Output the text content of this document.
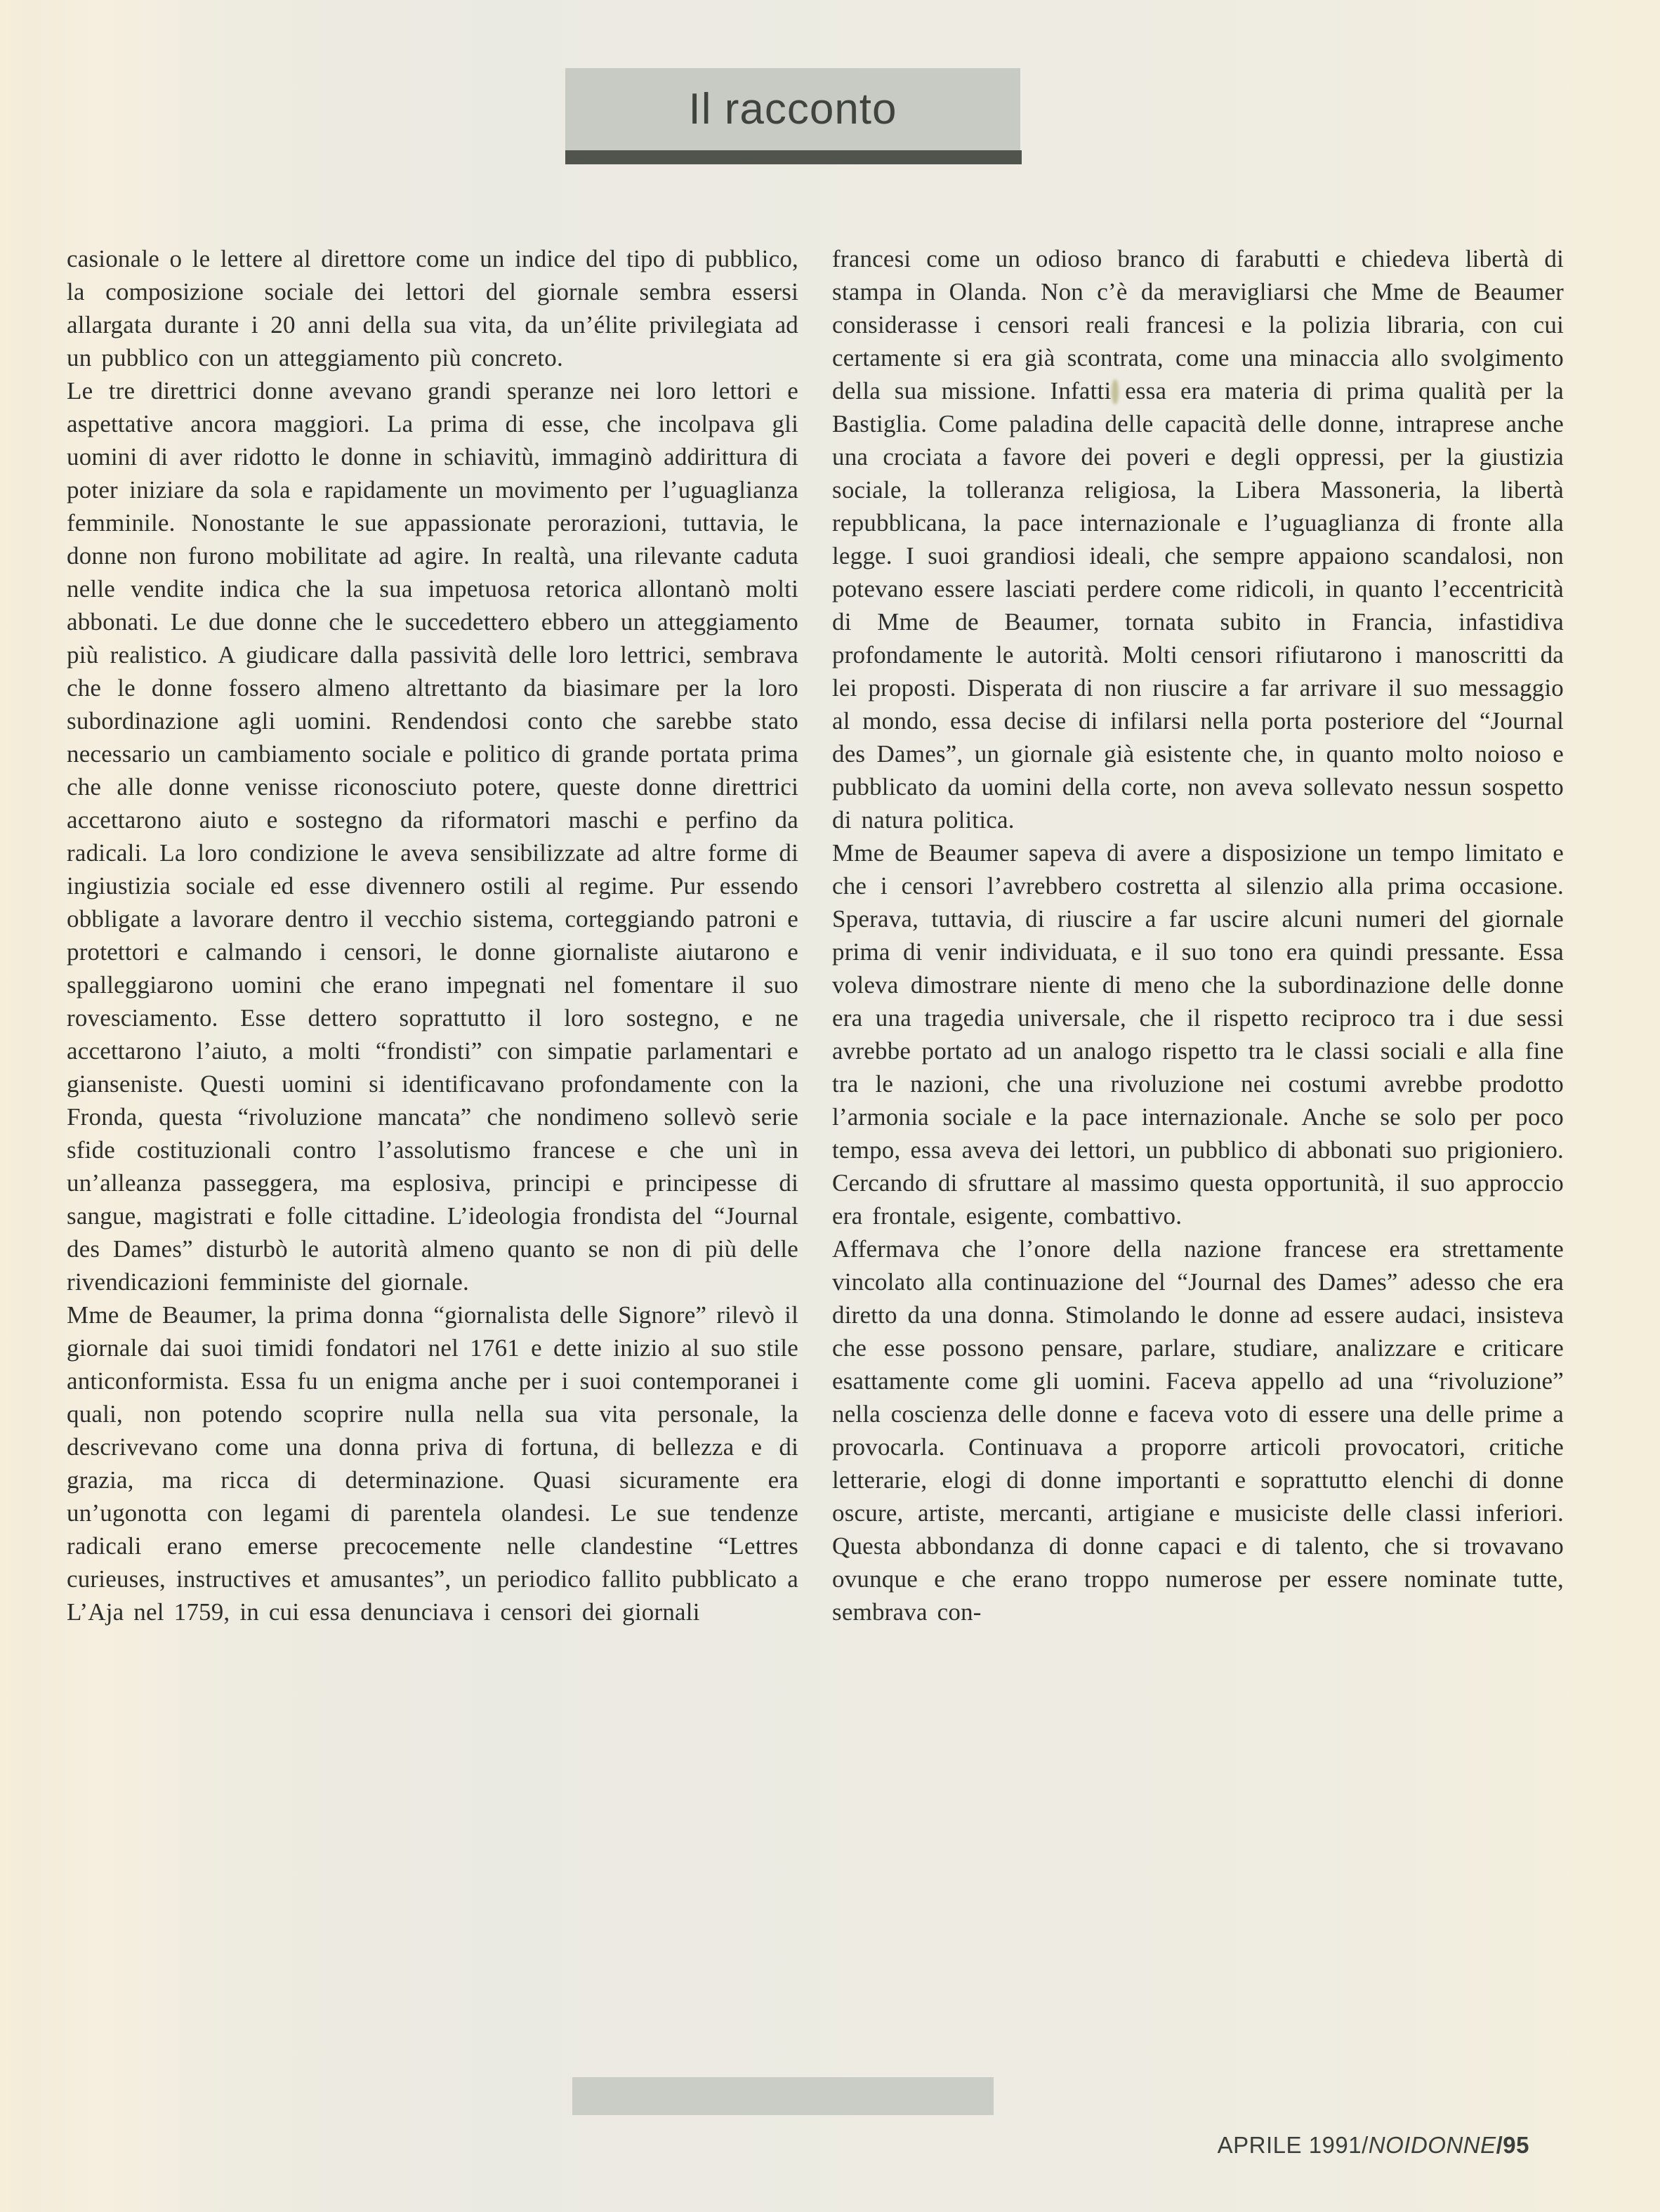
Il racconto

casionale o le lettere al direttore come un indice del tipo di pubblico, la composizione sociale dei lettori del giornale sembra essersi allargata durante i 20 anni della sua vita, da un’élite privilegiata ad un pubblico con un atteggiamento più concreto.

Le tre direttrici donne avevano grandi speranze nei loro lettori e aspettative ancora maggiori. La prima di esse, che incolpava gli uomini di aver ridotto le donne in schiavitù, immaginò addirittura di poter iniziare da sola e rapidamente un movimento per l’uguaglianza femminile. Nonostante le sue appassionate perorazioni, tuttavia, le donne non furono mobilitate ad agire. In realtà, una rilevante caduta nelle vendite indica che la sua impetuosa retorica allontanò molti abbonati. Le due donne che le succedettero ebbero un atteggiamento più realistico. A giudicare dalla passività delle loro lettrici, sembrava che le donne fossero almeno altrettanto da biasimare per la loro subordinazione agli uomini. Rendendosi conto che sarebbe stato necessario un cambiamento sociale e politico di grande portata prima che alle donne venisse riconosciuto potere, queste donne direttrici accettarono aiuto e sostegno da riformatori maschi e perfino da radicali. La loro condizione le aveva sensibilizzate ad altre forme di ingiustizia sociale ed esse divennero ostili al regime. Pur essendo obbligate a lavorare dentro il vecchio sistema, corteggiando patroni e protettori e calmando i censori, le donne giornaliste aiutarono e spalleggiarono uomini che erano impegnati nel fomentare il suo rovesciamento. Esse dettero soprattutto il loro sostegno, e ne accettarono l’aiuto, a molti “frondisti” con simpatie parlamentari e gianseniste. Questi uomini si identificavano profondamente con la Fronda, questa “rivoluzione mancata” che nondimeno sollevò serie sfide costituzionali contro l’assolutismo francese e che unì in un’alleanza passeggera, ma esplosiva, principi e principesse di sangue, magistrati e folle cittadine. L’ideologia frondista del “Journal des Dames” disturbò le autorità almeno quanto se non di più delle rivendicazioni femministe del giornale.

Mme de Beaumer, la prima donna “giornalista delle Signore” rilevò il giornale dai suoi timidi fondatori nel 1761 e dette inizio al suo stile anticonformista. Essa fu un enigma anche per i suoi contemporanei i quali, non potendo scoprire nulla nella sua vita personale, la descrivevano come una donna priva di fortuna, di bellezza e di grazia, ma ricca di determinazione. Quasi sicuramente era un’ugonotta con legami di parentela olandesi. Le sue tendenze radicali erano emerse precocemente nelle clandestine “Lettres curieuses, instructives et amusantes”, un periodico fallito pubblicato a L’Aja nel 1759, in cui essa denunciava i censori dei giornali

francesi come un odioso branco di farabutti e chiedeva libertà di stampa in Olanda. Non c’è da meravigliarsi che Mme de Beaumer considerasse i censori reali francesi e la polizia libraria, con cui certamente si era già scontrata, come una minaccia allo svolgimento della sua missione. Infatti essa era materia di prima qualità per la Bastiglia. Come paladina delle capacità delle donne, intraprese anche una crociata a favore dei poveri e degli oppressi, per la giustizia sociale, la tolleranza religiosa, la Libera Massoneria, la libertà repubblicana, la pace internazionale e l’uguaglianza di fronte alla legge. I suoi grandiosi ideali, che sempre appaiono scandalosi, non potevano essere lasciati perdere come ridicoli, in quanto l’eccentricità di Mme de Beaumer, tornata subito in Francia, infastidiva profondamente le autorità. Molti censori rifiutarono i manoscritti da lei proposti. Disperata di non riuscire a far arrivare il suo messaggio al mondo, essa decise di infilarsi nella porta posteriore del “Journal des Dames”, un giornale già esistente che, in quanto molto noioso e pubblicato da uomini della corte, non aveva sollevato nessun sospetto di natura politica.

Mme de Beaumer sapeva di avere a disposizione un tempo limitato e che i censori l’avrebbero costretta al silenzio alla prima occasione. Sperava, tuttavia, di riuscire a far uscire alcuni numeri del giornale prima di venir individuata, e il suo tono era quindi pressante. Essa voleva dimostrare niente di meno che la subordinazione delle donne era una tragedia universale, che il rispetto reciproco tra i due sessi avrebbe portato ad un analogo rispetto tra le classi sociali e alla fine tra le nazioni, che una rivoluzione nei costumi avrebbe prodotto l’armonia sociale e la pace internazionale. Anche se solo per poco tempo, essa aveva dei lettori, un pubblico di abbonati suo prigioniero. Cercando di sfruttare al massimo questa opportunità, il suo approccio era frontale, esigente, combattivo.

Affermava che l’onore della nazione francese era strettamente vincolato alla continuazione del “Journal des Dames” adesso che era diretto da una donna. Stimolando le donne ad essere audaci, insisteva che esse possono pensare, parlare, studiare, analizzare e criticare esattamente come gli uomini. Faceva appello ad una “rivoluzione” nella coscienza delle donne e faceva voto di essere una delle prime a provocarla. Continuava a proporre articoli provocatori, critiche letterarie, elogi di donne importanti e soprattutto elenchi di donne oscure, artiste, mercanti, artigiane e musiciste delle classi inferiori. Questa abbondanza di donne capaci e di talento, che si trovavano ovunque e che erano troppo numerose per essere nominate tutte, sembrava con-

APRILE 1991/NOIDONNE/95
